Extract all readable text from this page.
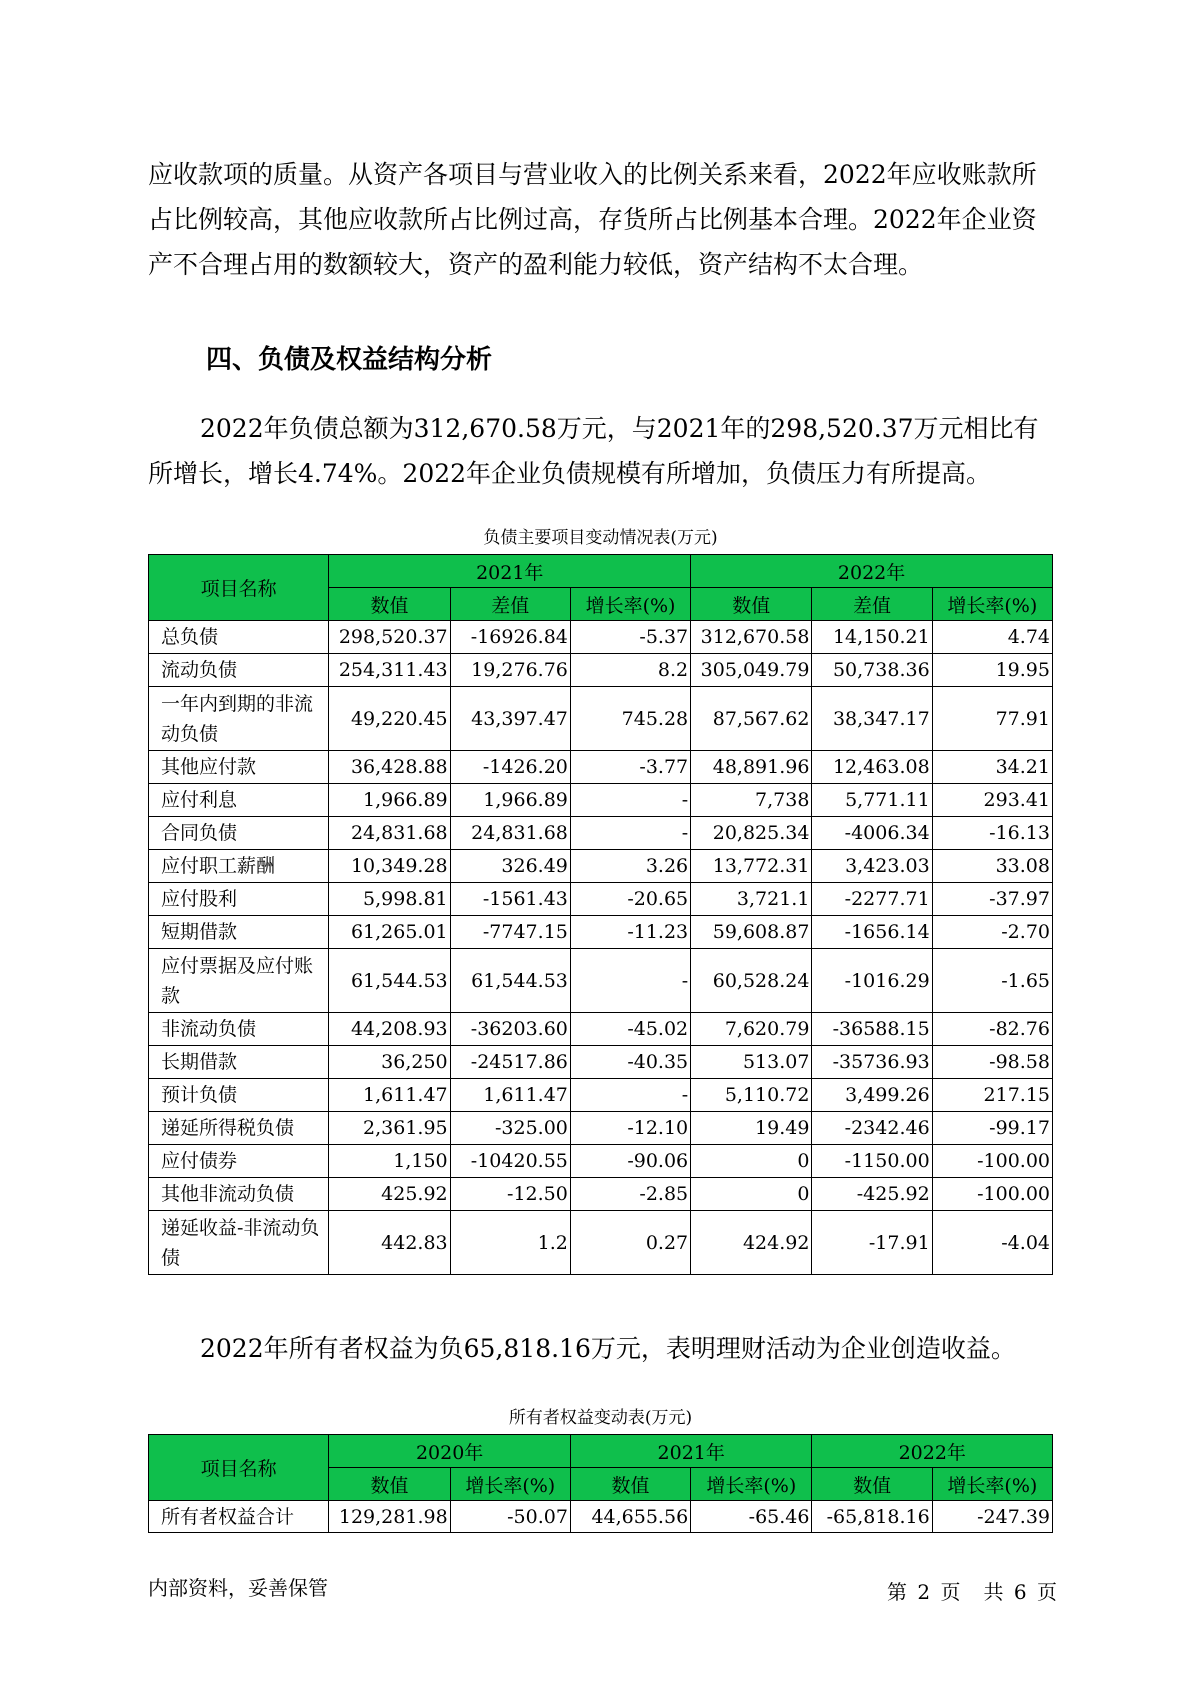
应收款项的质量。从资产各项目与营业收入的比例关系来看，2022年应收账款所占比例较高，其他应收款所占比例过高，存货所占比例基本合理。2022年企业资产不合理占用的数额较大，资产的盈利能力较低，资产结构不太合理。

四、负债及权益结构分析

2022年负债总额为312,670.58万元，与2021年的298,520.37万元相比有所增长，增长4.74%。2022年企业负债规模有所增加，负债压力有所提高。

负债主要项目变动情况表(万元)
项目名称	2021年			2022年		
	数值	差值	增长率(%)	数值	差值	增长率(%)
总负债	298,520.37	-16926.84	-5.37	312,670.58	14,150.21	4.74
流动负债	254,311.43	19,276.76	8.2	305,049.79	50,738.36	19.95
一年内到期的非流动负债	49,220.45	43,397.47	745.28	87,567.62	38,347.17	77.91
其他应付款	36,428.88	-1426.20	-3.77	48,891.96	12,463.08	34.21
应付利息	1,966.89	1,966.89	-	7,738	5,771.11	293.41
合同负债	24,831.68	24,831.68	-	20,825.34	-4006.34	-16.13
应付职工薪酬	10,349.28	326.49	3.26	13,772.31	3,423.03	33.08
应付股利	5,998.81	-1561.43	-20.65	3,721.1	-2277.71	-37.97
短期借款	61,265.01	-7747.15	-11.23	59,608.87	-1656.14	-2.70
应付票据及应付账款	61,544.53	61,544.53	-	60,528.24	-1016.29	-1.65
非流动负债	44,208.93	-36203.60	-45.02	7,620.79	-36588.15	-82.76
长期借款	36,250	-24517.86	-40.35	513.07	-35736.93	-98.58
预计负债	1,611.47	1,611.47	-	5,110.72	3,499.26	217.15
递延所得税负债	2,361.95	-325.00	-12.10	19.49	-2342.46	-99.17
应付债券	1,150	-10420.55	-90.06	0	-1150.00	-100.00
其他非流动负债	425.92	-12.50	-2.85	0	-425.92	-100.00
递延收益-非流动负债	442.83	1.2	0.27	424.92	-17.91	-4.04

2022年所有者权益为负65,818.16万元，表明理财活动为企业创造收益。

所有者权益变动表(万元)
项目名称	2020年		2021年		2022年	
	数值	增长率(%)	数值	增长率(%)	数值	增长率(%)
所有者权益合计	129,281.98	-50.07	44,655.56	-65.46	-65,818.16	-247.39
内部资料，妥善保管	第 2 页 共 6 页
